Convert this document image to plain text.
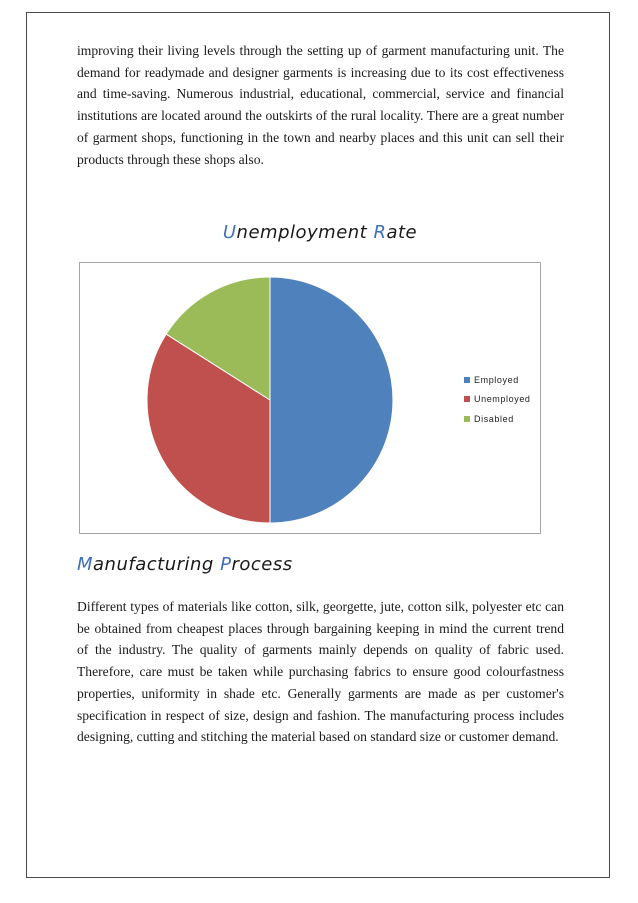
improving their living levels through the setting up of garment manufacturing unit. The demand for readymade and designer garments is increasing due to its cost effectiveness and time-saving. Numerous industrial, educational, commercial, service and financial institutions are located around the outskirts of the rural locality. There are a great number of garment shops, functioning in the town and nearby places and this unit can sell their products through these shops also.

Unemployment Rate
Employed
Unemployed
Disabled
Manufacturing Process

Different types of materials like cotton, silk, georgette, jute, cotton silk, polyester etc can be obtained from cheapest places through bargaining keeping in mind the current trend of the industry. The quality of garments mainly depends on quality of fabric used. Therefore, care must be taken while purchasing fabrics to ensure good colourfastness properties, uniformity in shade etc. Generally garments are made as per customer's specification in respect of size, design and fashion. The manufacturing process includes designing, cutting and stitching the material based on standard size or customer demand.
